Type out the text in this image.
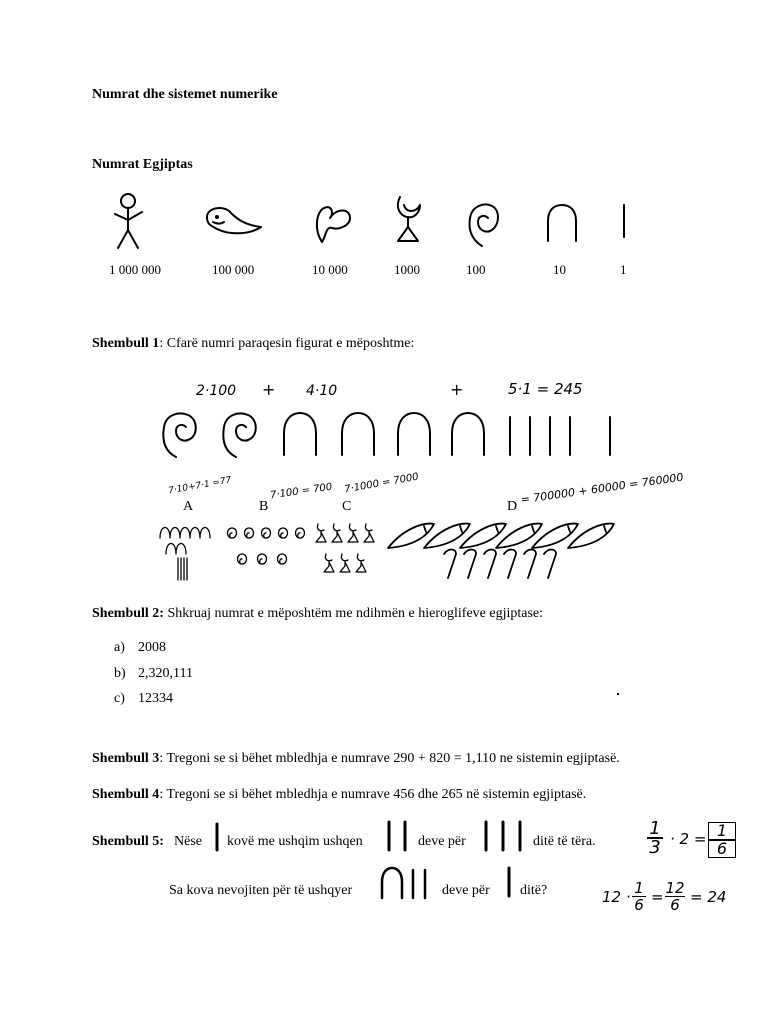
Numrat dhe sistemet numerike
Numrat Egjiptas
1 000 000	100 000	10 000	1000	100	10	1
Shembull 1: Cfarë numri paraqesin figurat e mëposhtme:
2·100 + 4·10	+	5·1 = 245
7·10+7·1 =77	7·100 = 700 7·1000 = 7000	= 700000 + 60000 = 760000
A	B	C	D
Shembull 2: Shkruaj numrat e mëposhtëm me ndihmën e hieroglifeve egjiptase:
a) 2008
b) 2,320,111
c) 12334
Shembull 3: Tregoni se si bëhet mbledhja e numrave 290 + 820 = 1,110 ne sistemin egjiptasë.
Shembull 4: Tregoni se si bëhet mbledhja e numrave 456 dhe 265 në sistemin egjiptasë.
Shembull 5: Nëse kovë me ushqim ushqen	deve për	ditë të tëra.
1
3 · 2 = 1
6
Sa kova nevojiten për të ushqyer	deve për ditë?	12 · 1
6 = 12
6 = 24
